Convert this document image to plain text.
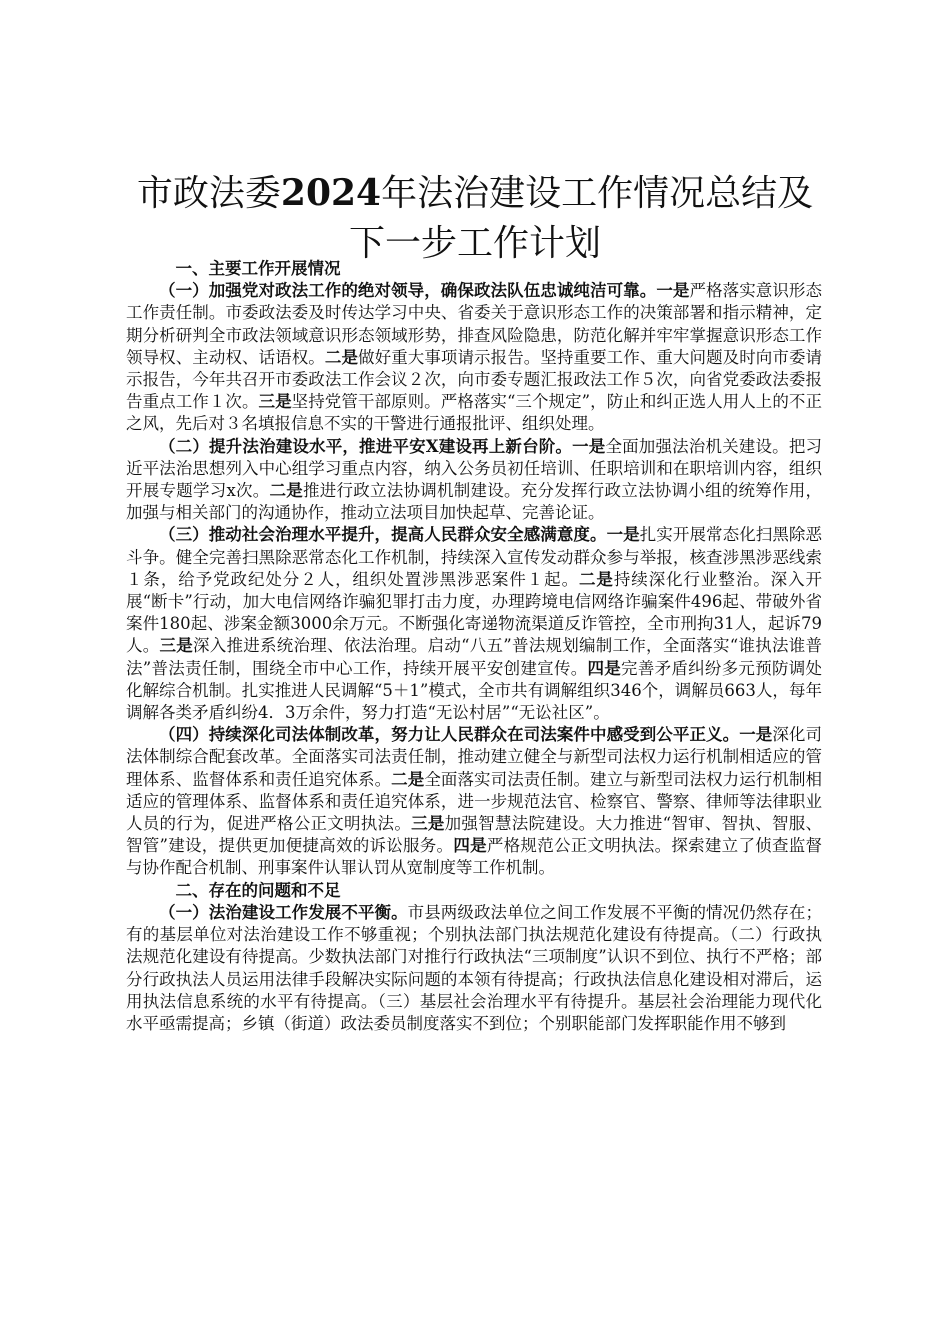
市政法委2024年法治建设工作情况总结及下一步工作计划

一、主要工作开展情况

（一）加强党对政法工作的绝对领导，确保政法队伍忠诚纯洁可靠。一是严格落实意识形态工作责任制。市委政法委及时传达学习中央、省委关于意识形态工作的决策部署和指示精神，定期分析研判全市政法领域意识形态领域形势，排查风险隐患，防范化解并牢牢掌握意识形态工作领导权、主动权、话语权。二是做好重大事项请示报告。坚持重要工作、重大问题及时向市委请示报告，今年共召开市委政法工作会议２次，向市委专题汇报政法工作５次，向省党委政法委报告重点工作１次。三是坚持党管干部原则。严格落实“三个规定”，防止和纠正选人用人上的不正之风，先后对３名填报信息不实的干警进行通报批评、组织处理。

（二）提升法治建设水平，推进平安X建设再上新台阶。一是全面加强法治机关建设。把习近平法治思想列入中心组学习重点内容，纳入公务员初任培训、任职培训和在职培训内容，组织开展专题学习x次。二是推进行政立法协调机制建设。充分发挥行政立法协调小组的统筹作用，加强与相关部门的沟通协作，推动立法项目加快起草、完善论证。

（三）推动社会治理水平提升，提高人民群众安全感满意度。一是扎实开展常态化扫黑除恶斗争。健全完善扫黑除恶常态化工作机制，持续深入宣传发动群众参与举报，核查涉黑涉恶线索１条，给予党政纪处分２人，组织处置涉黑涉恶案件１起。二是持续深化行业整治。深入开展“断卡”行动，加大电信网络诈骗犯罪打击力度，办理跨境电信网络诈骗案件496起、带破外省案件180起、涉案金额3000余万元。不断强化寄递物流渠道反诈管控，全市刑拘31人，起诉79人。三是深入推进系统治理、依法治理。启动“八五”普法规划编制工作，全面落实“谁执法谁普法”普法责任制，围绕全市中心工作，持续开展平安创建宣传。四是完善矛盾纠纷多元预防调处化解综合机制。扎实推进人民调解“5＋1”模式，全市共有调解组织346个，调解员663人，每年调解各类矛盾纠纷4．3万余件，努力打造“无讼村居”“无讼社区”。

（四）持续深化司法体制改革，努力让人民群众在司法案件中感受到公平正义。一是深化司法体制综合配套改革。全面落实司法责任制，推动建立健全与新型司法权力运行机制相适应的管理体系、监督体系和责任追究体系。二是全面落实司法责任制。建立与新型司法权力运行机制相适应的管理体系、监督体系和责任追究体系，进一步规范法官、检察官、警察、律师等法律职业人员的行为，促进严格公正文明执法。三是加强智慧法院建设。大力推进“智审、智执、智服、智管”建设，提供更加便捷高效的诉讼服务。四是严格规范公正文明执法。探索建立了侦查监督与协作配合机制、刑事案件认罪认罚从宽制度等工作机制。

二、存在的问题和不足

（一）法治建设工作发展不平衡。市县两级政法单位之间工作发展不平衡的情况仍然存在；有的基层单位对法治建设工作不够重视；个别执法部门执法规范化建设有待提高。（二）行政执法规范化建设有待提高。少数执法部门对推行行政执法“三项制度”认识不到位、执行不严格；部分行政执法人员运用法律手段解决实际问题的本领有待提高；行政执法信息化建设相对滞后，运用执法信息系统的水平有待提高。（三）基层社会治理水平有待提升。基层社会治理能力现代化水平亟需提高；乡镇（街道）政法委员制度落实不到位；个别职能部门发挥职能作用不够到
